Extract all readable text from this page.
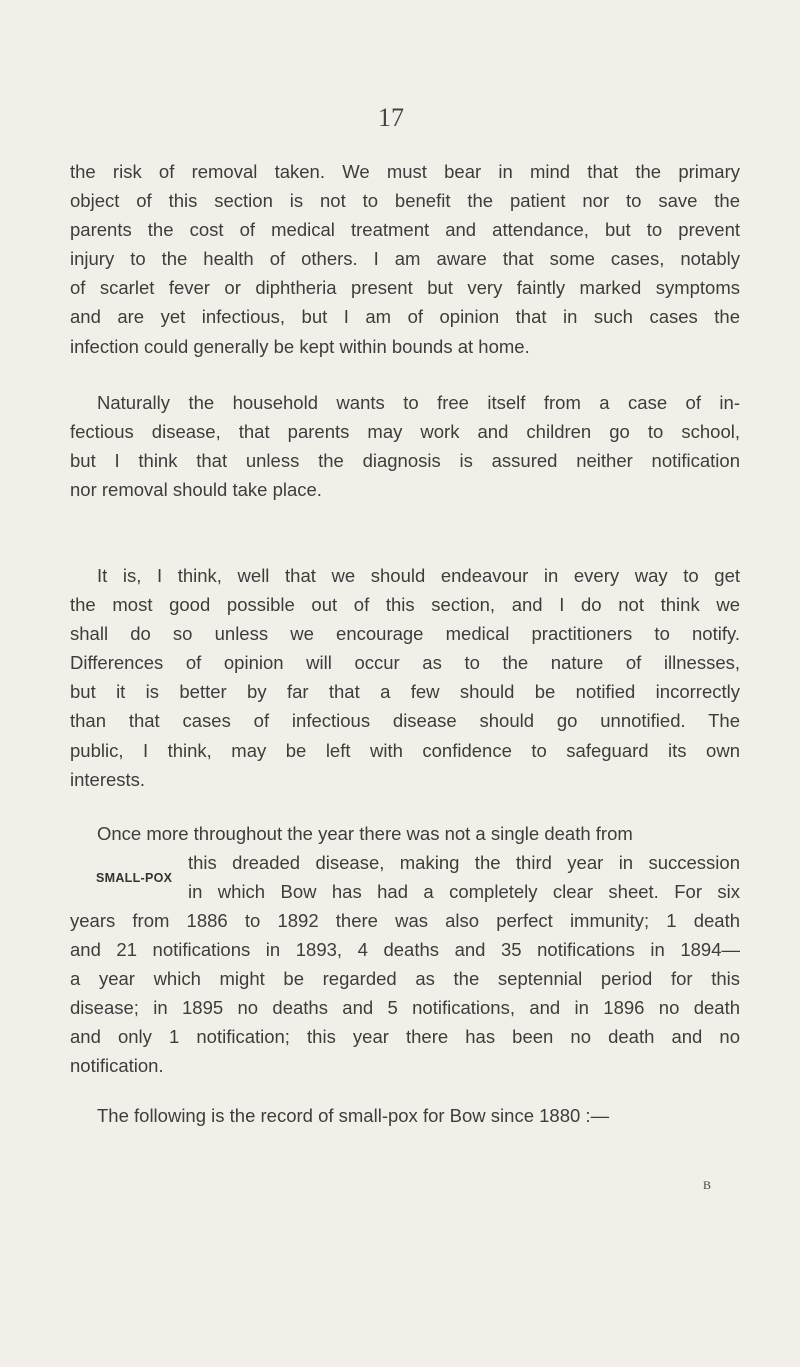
17
the risk of removal taken. We must bear in mind that the primary
object of this section is not to benefit the patient nor to save the
parents the cost of medical treatment and attendance, but to prevent
injury to the health of others. I am aware that some cases, notably
of scarlet fever or diphtheria present but very faintly marked symptoms
and are yet infectious, but I am of opinion that in such cases the
infection could generally be kept within bounds at home.
Naturally the household wants to free itself from a case of in-
fectious disease, that parents may work and children go to school,
but I think that unless the diagnosis is assured neither notification
nor removal should take place.
It is, I think, well that we should endeavour in every way to get
the most good possible out of this section, and I do not think we
shall do so unless we encourage medical practitioners to notify.
Differences of opinion will occur as to the nature of illnesses,
but it is better by far that a few should be notified incorrectly
than that cases of infectious disease should go unnotified. The
public, I think, may be left with confidence to safeguard its own
interests.
Once more throughout the year there was not a single death from
SMALL-POX
this dreaded disease, making the third year in succession
in which Bow has had a completely clear sheet. For six
years from 1886 to 1892 there was also perfect immunity; 1 death
and 21 notifications in 1893, 4 deaths and 35 notifications in 1894—
a year which might be regarded as the septennial period for this
disease; in 1895 no deaths and 5 notifications, and in 1896 no death
and only 1 notification; this year there has been no death and no
notification.
The following is the record of small-pox for Bow since 1880 :—
B
